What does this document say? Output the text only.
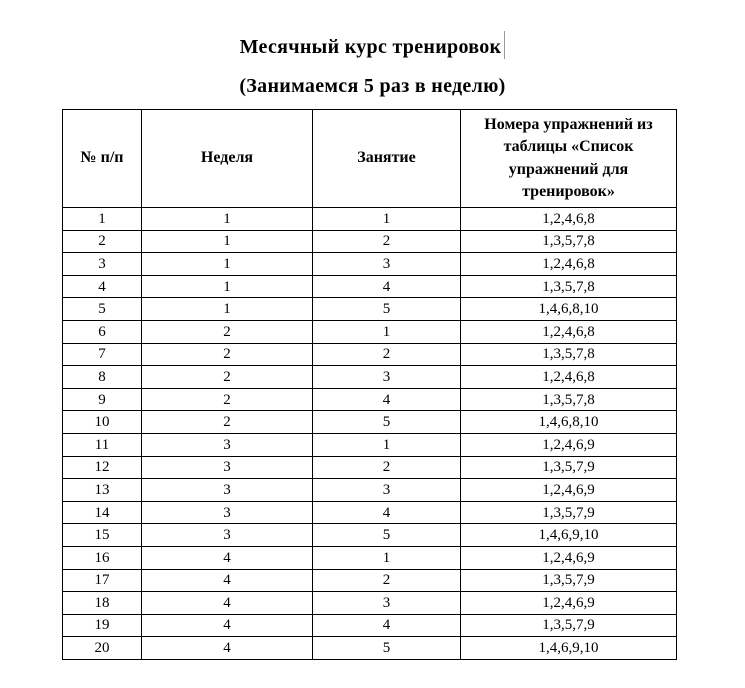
Месячный курс тренировок
(Занимаемся 5 раз в неделю)
№ п/п	Неделя	Занятие	Номера упражнений из таблицы «Список упражнений для тренировок»
1	1	1	1,2,4,6,8
2	1	2	1,3,5,7,8
3	1	3	1,2,4,6,8
4	1	4	1,3,5,7,8
5	1	5	1,4,6,8,10
6	2	1	1,2,4,6,8
7	2	2	1,3,5,7,8
8	2	3	1,2,4,6,8
9	2	4	1,3,5,7,8
10	2	5	1,4,6,8,10
11	3	1	1,2,4,6,9
12	3	2	1,3,5,7,9
13	3	3	1,2,4,6,9
14	3	4	1,3,5,7,9
15	3	5	1,4,6,9,10
16	4	1	1,2,4,6,9
17	4	2	1,3,5,7,9
18	4	3	1,2,4,6,9
19	4	4	1,3,5,7,9
20	4	5	1,4,6,9,10
